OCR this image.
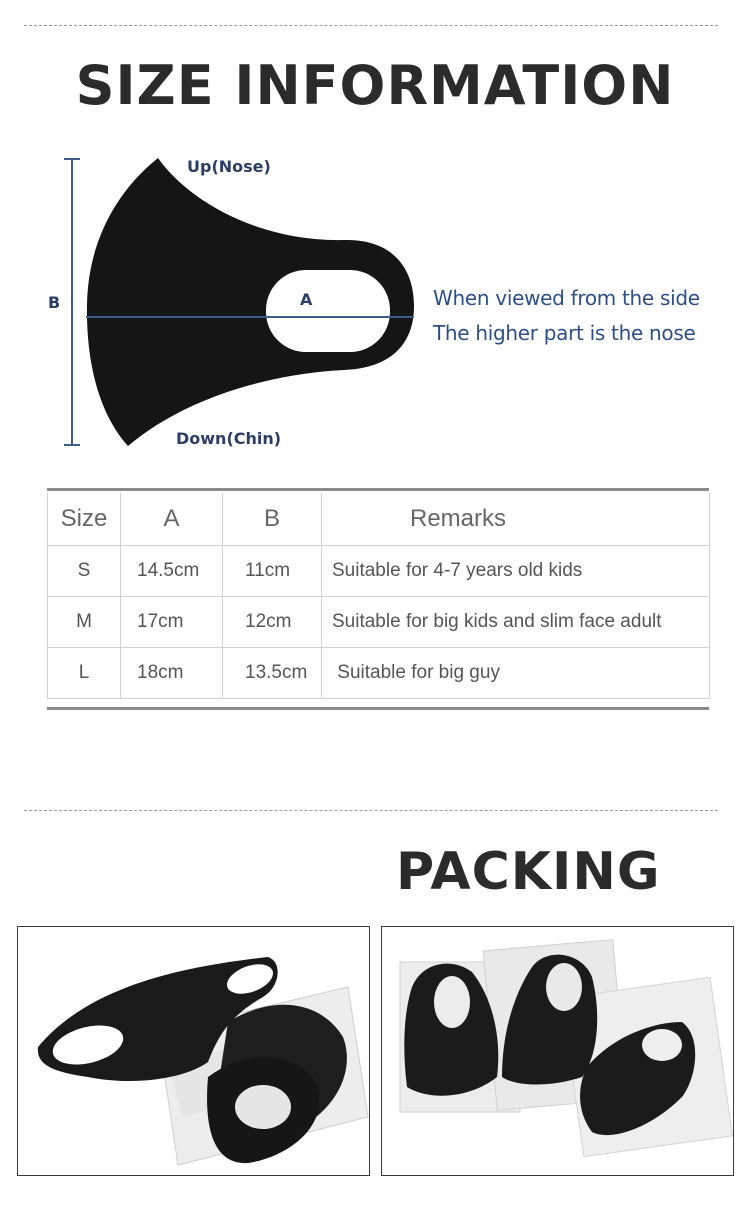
SIZE INFORMATION
Up(Nose)
Down(Chin)
A
B	When viewed from the side
The higher part is the nose
Size	A	B	Remarks
S	14.5cm	11cm	Suitable for 4-7 years old kids
M	17cm	12cm	Suitable for big kids and slim face adult
L	18cm	13.5cm	Suitable for big guy
PACKING
